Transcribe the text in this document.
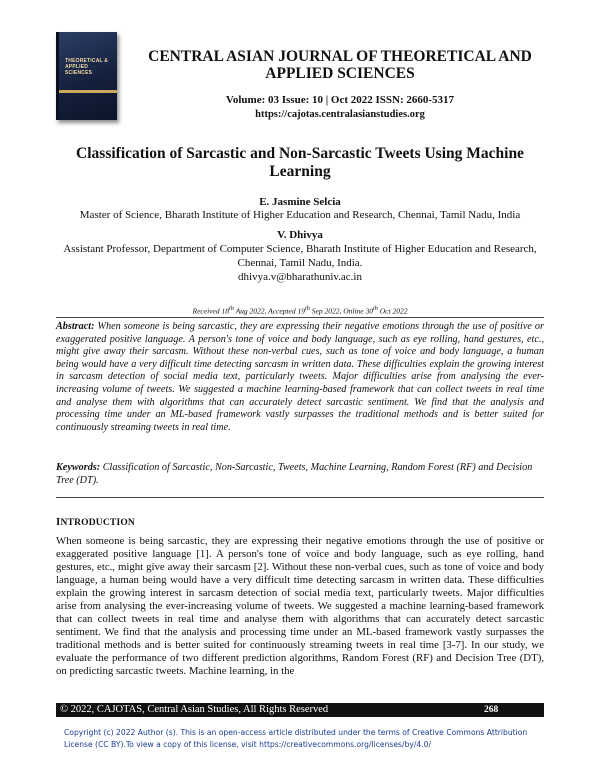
THEORETICAL & APPLIED SCIENCES
CENTRAL ASIAN JOURNAL OF THEORETICAL AND APPLIED SCIENCES
Volume: 03 Issue: 10 | Oct 2022 ISSN: 2660-5317
https://cajotas.centralasianstudies.org
Classification of Sarcastic and Non-Sarcastic Tweets Using Machine Learning
E. Jasmine Selcia
Master of Science, Bharath Institute of Higher Education and Research, Chennai, Tamil Nadu, India
V. Dhivya
Assistant Professor, Department of Computer Science, Bharath Institute of Higher Education and Research, Chennai, Tamil Nadu, India.
dhivya.v@bharathuniv.ac.in
Received 18th Aug 2022, Accepted 19th Sep 2022, Online 30th Oct 2022
Abstract: When someone is being sarcastic, they are expressing their negative emotions through the use of positive or exaggerated positive language. A person's tone of voice and body language, such as eye rolling, hand gestures, etc., might give away their sarcasm. Without these non-verbal cues, such as tone of voice and body language, a human being would have a very difficult time detecting sarcasm in written data. These difficulties explain the growing interest in sarcasm detection of social media text, particularly tweets. Major difficulties arise from analysing the ever-increasing volume of tweets. We suggested a machine learning-based framework that can collect tweets in real time and analyse them with algorithms that can accurately detect sarcastic sentiment. We find that the analysis and processing time under an ML-based framework vastly surpasses the traditional methods and is better suited for continuously streaming tweets in real time.
Keywords: Classification of Sarcastic, Non-Sarcastic, Tweets, Machine Learning, Random Forest (RF) and Decision Tree (DT).
INTRODUCTION
When someone is being sarcastic, they are expressing their negative emotions through the use of positive or exaggerated positive language [1]. A person's tone of voice and body language, such as eye rolling, hand gestures, etc., might give away their sarcasm [2]. Without these non-verbal cues, such as tone of voice and body language, a human being would have a very difficult time detecting sarcasm in written data. These difficulties explain the growing interest in sarcasm detection of social media text, particularly tweets. Major difficulties arise from analysing the ever-increasing volume of tweets. We suggested a machine learning-based framework that can collect tweets in real time and analyse them with algorithms that can accurately detect sarcastic sentiment. We find that the analysis and processing time under an ML-based framework vastly surpasses the traditional methods and is better suited for continuously streaming tweets in real time [3-7]. In our study, we evaluate the performance of two different prediction algorithms, Random Forest (RF) and Decision Tree (DT), on predicting sarcastic tweets. Machine learning, in the
© 2022, CAJOTAS, Central Asian Studies, All Rights Reserved	268
Copyright (c) 2022 Author (s). This is an open-access article distributed under the terms of Creative Commons Attribution License (CC BY).To view a copy of this license, visit https://creativecommons.org/licenses/by/4.0/
